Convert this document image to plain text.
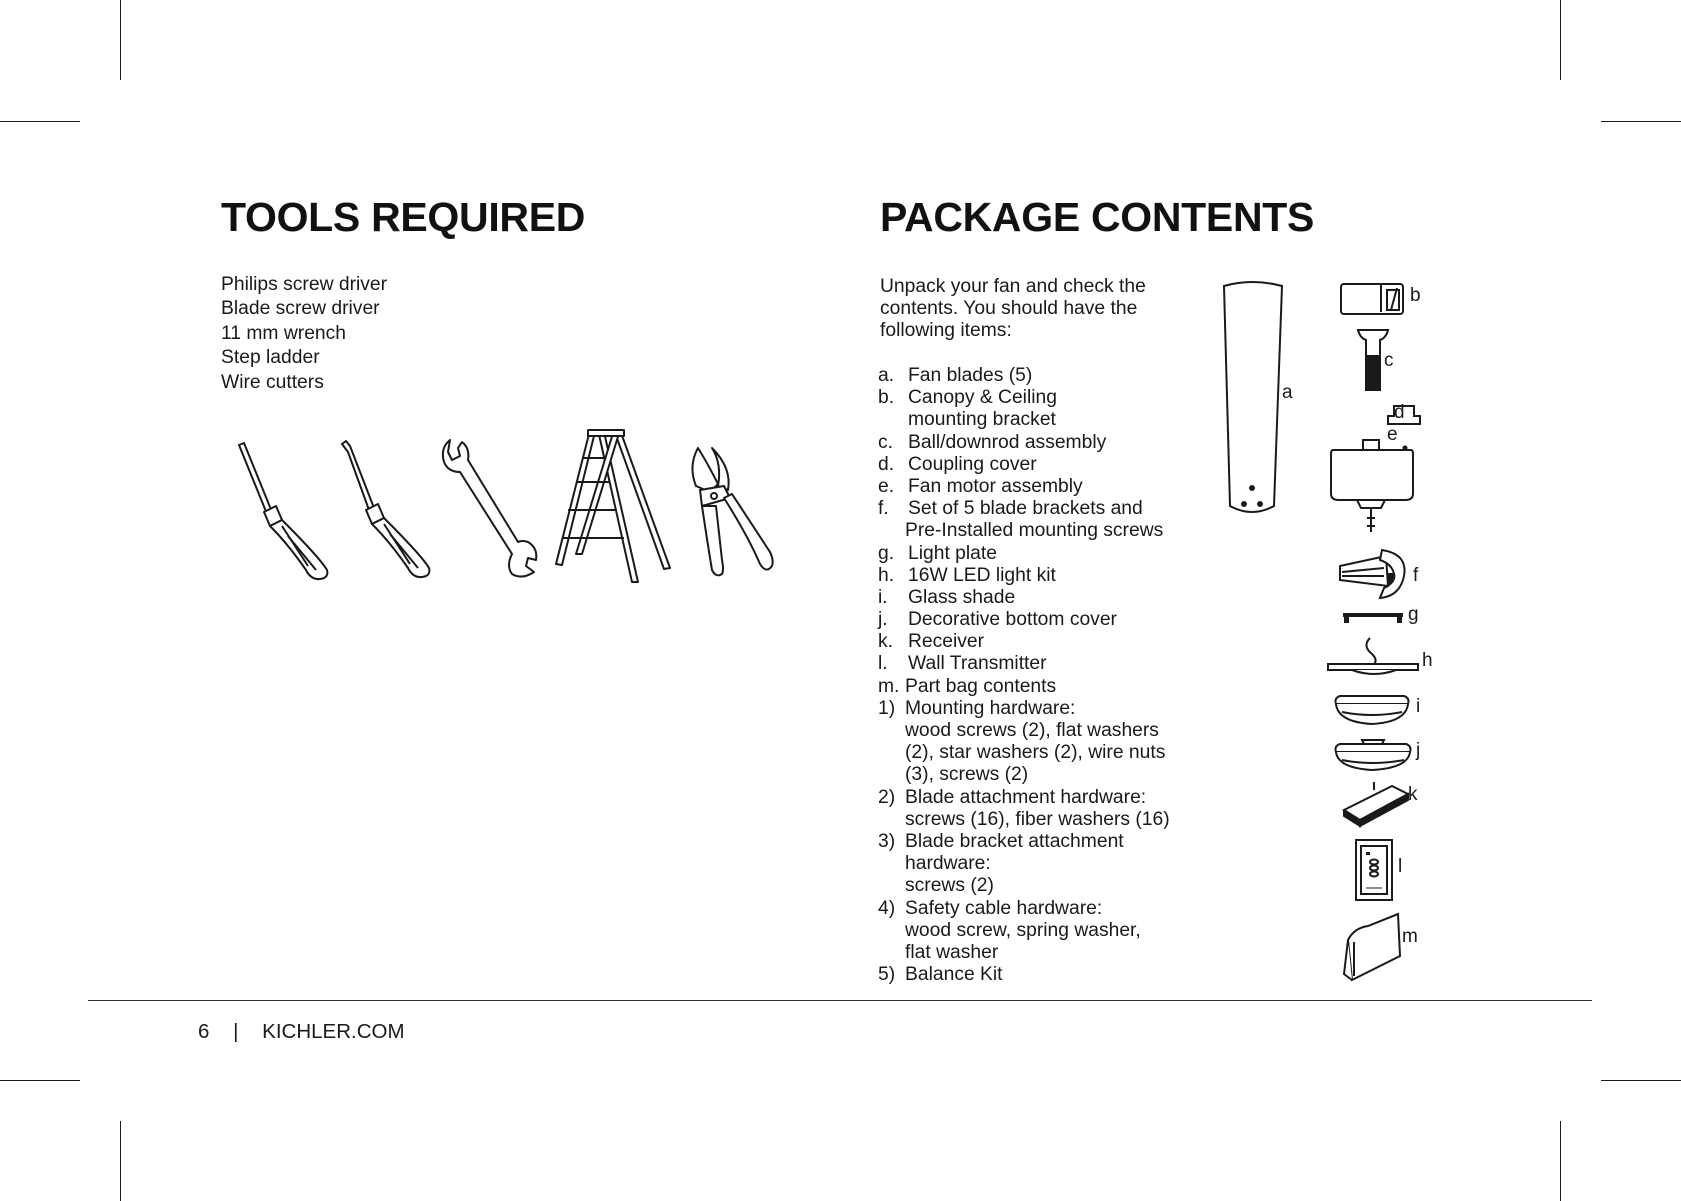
TOOLS REQUIRED
Philips screw driver
Blade screw driver
11 mm wrench
Step ladder
Wire cutters
PACKAGE CONTENTS
Unpack your fan and check the
contents. You should have the
following items:
a. Fan blades (5)
b. Canopy & Ceiling
mounting bracket
c. Ball/downrod assembly
d. Coupling cover
e. Fan motor assembly
f. Set of 5 blade brackets and
Pre-Installed mounting screws
g. Light plate
h. 16W LED light kit
i.	Glass shade
j.	Decorative bottom cover
k. Receiver
l.	Wall Transmitter
m. Part bag contents
1) Mounting hardware:
wood screws (2), flat washers
(2), star washers (2), wire nuts
(3), screws (2)
2) Blade attachment hardware:
screws (16), fiber washers (16)
3) Blade bracket attachment
hardware:
screws (2)
4) Safety cable hardware:
wood screw, spring washer,
flat washer
5) Balance Kit
a
b
c
d
e
f
g
h
i
j
k
l
m
6 | KICHLER.COM
